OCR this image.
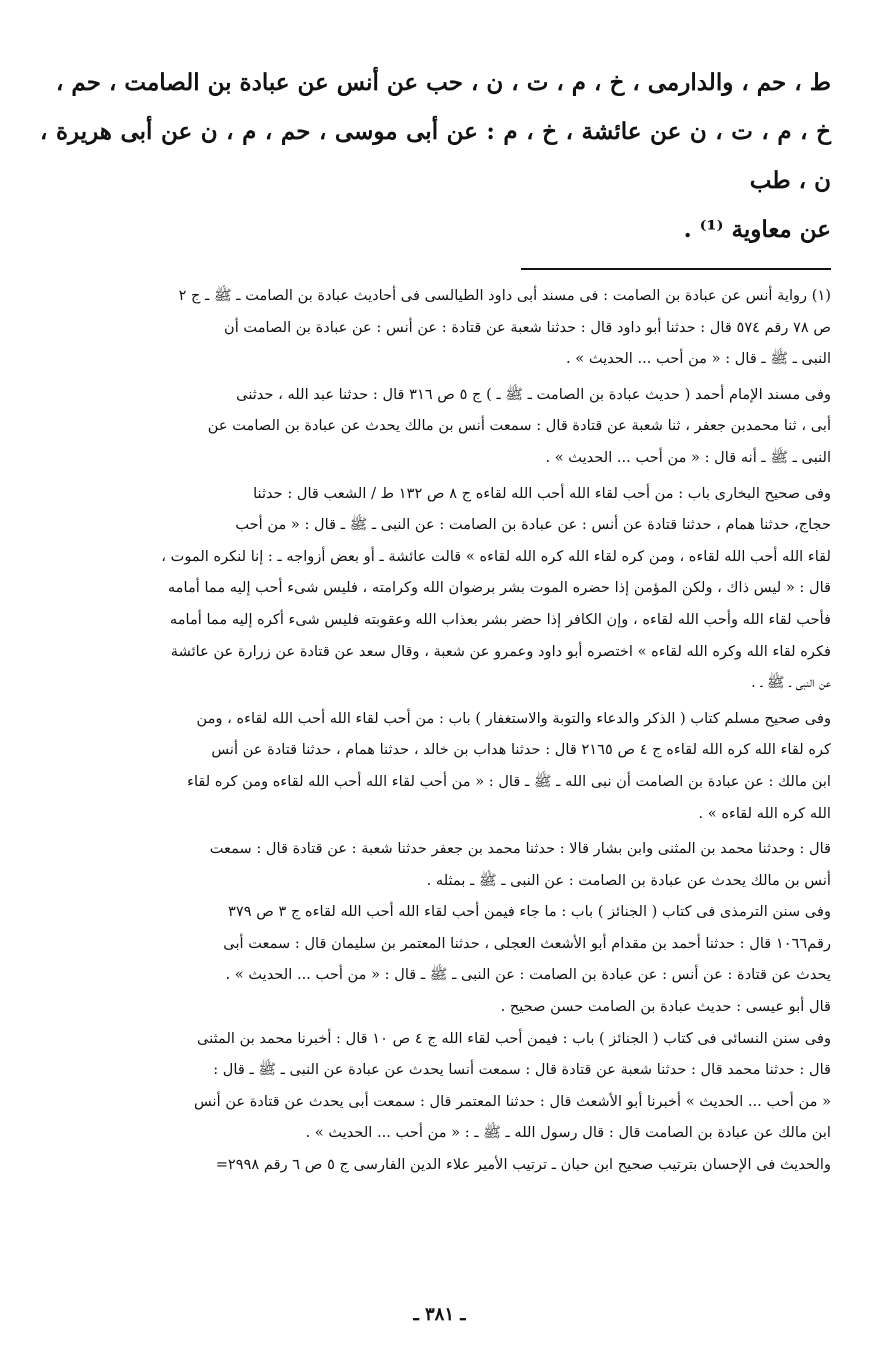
ط ، حم ، والدارمى ، خ ، م ، ت ، ن ، حب عن أنس عن عبادة بن الصامت ، حم ،
خ ، م ، ت ، ن عن عائشة ، خ ، م : عن أبى موسى ، حم ، م ، ن عن أبى هريرة ، ن ، طب
عن معاوية ⁽¹⁾ .
(١) رواية أنس عن عبادة بن الصامت : فى مسند أبى داود الطيالسى فى أحاديث عبادة بن الصامت ـ ﷺ ـ ج ٢
ص ٧٨ رقم ٥٧٤ قال : حدثنا أبو داود قال : حدثنا شعبة عن قتادة : عن أنس : عن عبادة بن الصامت أن
النبى ـ ﷺ ـ قال : « من أحب ... الحديث » .
وفى مسند الإمام أحمد ( حديث عبادة بن الصامت ـ ﷺ ـ ) ج ٥ ص ٣١٦ قال : حدثنا عبد الله ، حدثنى
أبى ، ثنا محمدبن جعفر ، ثنا شعبة عن قتادة قال : سمعت أنس بن مالك يحدث عن عبادة بن الصامت عن
النبى ـ ﷺ ـ أنه قال : « من أحب ... الحديث » .
وفى صحيح البخارى باب : من أحب لقاء الله أحب الله لقاءه ج ٨ ص ١٣٢ ط / الشعب قال : حدثنا
حجاج، حدثنا همام ، حدثنا قتادة عن أنس : عن عبادة بن الصامت : عن النبى ـ ﷺ ـ قال : « من أحب
لقاء الله أحب الله لقاءه ، ومن كره لقاء الله كره الله لقاءه » قالت عائشة ـ أو بعض أزواجه ـ : إنا لنكره الموت ،
قال : « ليس ذاك ، ولكن المؤمن إذا حضره الموت بشر برضوان الله وكرامته ، فليس شىء أحب إليه مما أمامه
فأحب لقاء الله وأحب الله لقاءه ، وإن الكافر إذا حضر بشر بعذاب الله وعقوبته فليس شىء أكره إليه مما أمامه
فكره لقاء الله وكره الله لقاءه » اختصره أبو داود وعمرو عن شعبة ، وقال سعد عن قتادة عن زرارة عن عائشة
عن النبى ـ ﷺ ـ .
وفى صحيح مسلم كتاب ( الذكر والدعاء والتوبة والاستغفار ) باب : من أحب لقاء الله أحب الله لقاءه ، ومن
كره لقاء الله كره الله لقاءه ج ٤ ص ٢١٦٥ قال : حدثنا هداب بن خالد ، حدثنا همام ، حدثنا قتادة عن أنس
ابن مالك : عن عبادة بن الصامت أن نبى الله ـ ﷺ ـ قال : « من أحب لقاء الله أحب الله لقاءه ومن كره لقاء
الله كره الله لقاءه » .
قال : وحدثنا محمد بن المثنى وابن بشار قالا : حدثنا محمد بن جعفر حدثنا شعبة : عن قتادة قال : سمعت
أنس بن مالك يحدث عن عبادة بن الصامت : عن النبى ـ ﷺ ـ بمثله .
وفى سنن الترمذى فى كتاب ( الجنائز ) باب : ما جاء فيمن أحب لقاء الله أحب الله لقاءه ج ٣ ص ٣٧٩
رقم١٠٦٦ قال : حدثنا أحمد بن مقدام أبو الأشعث العجلى ، حدثنا المعتمر بن سليمان قال : سمعت أبى
يحدث عن قتادة : عن أنس : عن عبادة بن الصامت : عن النبى ـ ﷺ ـ قال : « من أحب ... الحديث » .
قال أبو عيسى : حديث عبادة بن الصامت حسن صحيح .
وفى سنن النسائى فى كتاب ( الجنائز ) باب : فيمن أحب لقاء الله ج ٤ ص ١٠ قال : أخبرنا محمد بن المثنى
قال : حدثنا محمد قال : حدثنا شعبة عن قتادة قال : سمعت أنسا يحدث عن عبادة عن النبى ـ ﷺ ـ قال :
« من أحب ... الحديث » أخبرنا أبو الأشعث قال : حدثنا المعتمر قال : سمعت أبى يحدث عن قتادة عن أنس
ابن مالك عن عبادة بن الصامت قال : قال رسول الله ـ ﷺ ـ : « من أحب ... الحديث » .
والحديث فى الإحسان بترتيب صحيح ابن حبان ـ ترتيب الأمير علاء الدين الفارسى ج ٥ ص ٦ رقم ٢٩٩٨=
ـ ٣٨١ ـ
